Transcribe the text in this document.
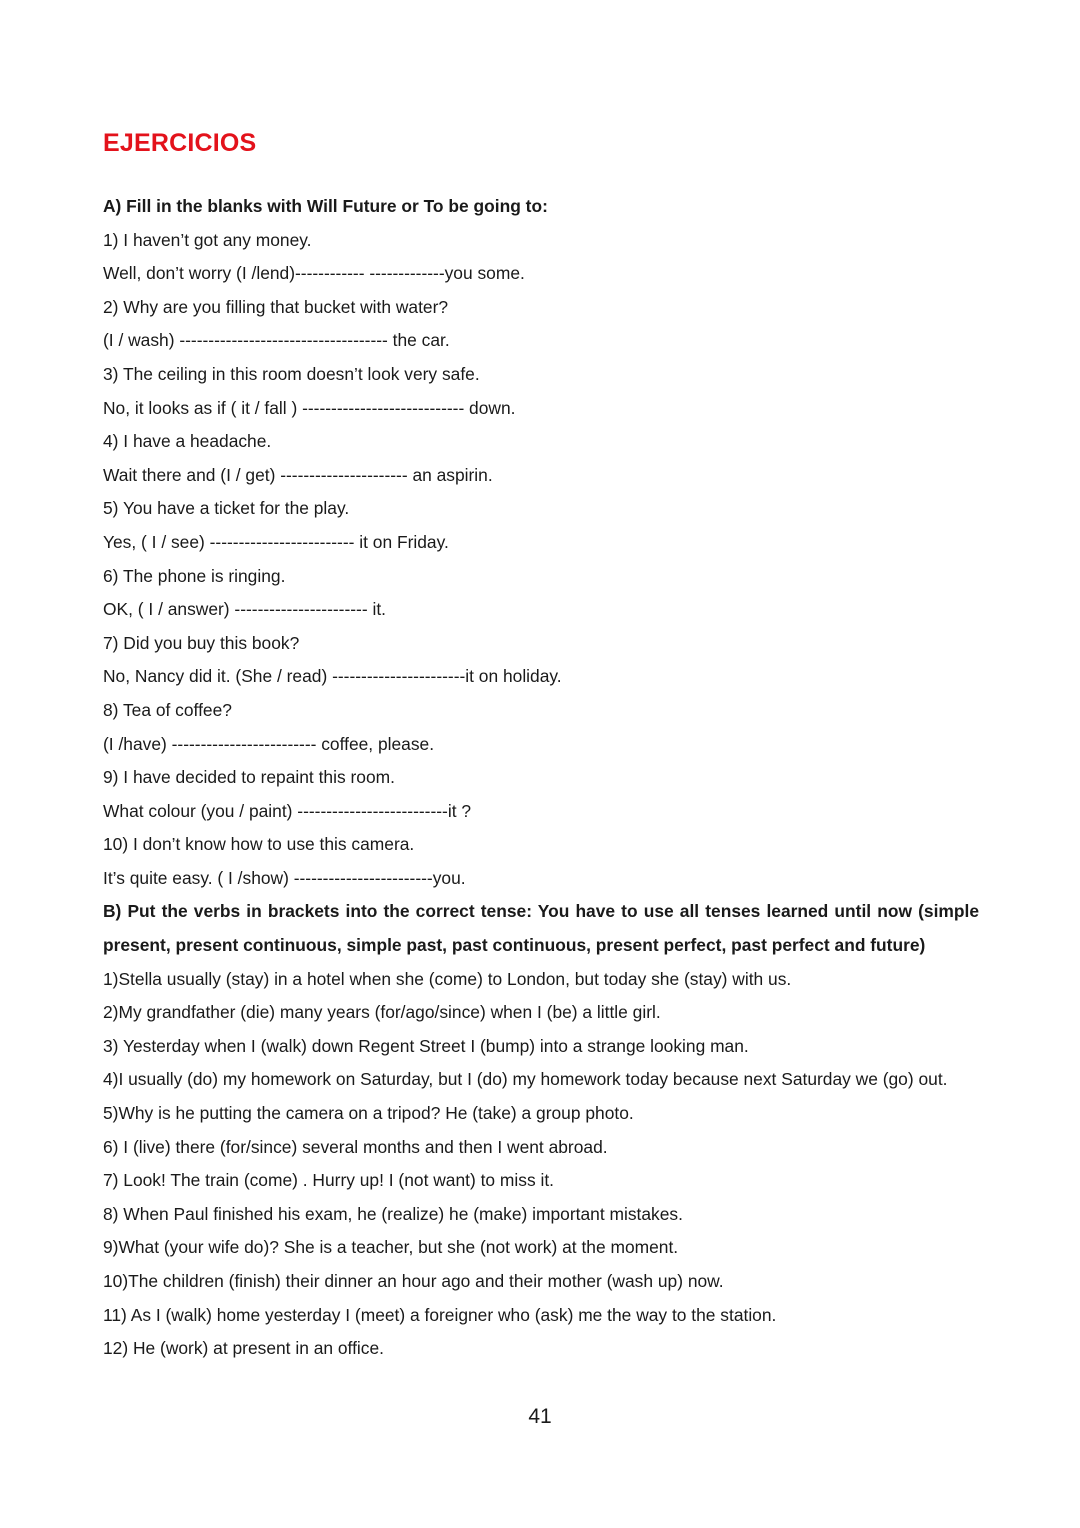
EJERCICIOS

A) Fill in the blanks with Will Future or To be going to:

1) I haven’t got any money.

Well, don’t worry (I /lend)------------ -------------you some.

2) Why are you filling that bucket with water?

(I / wash) ------------------------------------ the car.

3) The ceiling in this room doesn’t look very safe.

No, it looks as if ( it / fall ) ---------------------------- down.

4) I have a headache.

Wait there and (I / get) ---------------------- an aspirin.

5) You have a ticket for the play.

Yes, ( I / see) ------------------------- it on Friday.

6) The phone is ringing.

OK, ( I / answer) ----------------------- it.

7) Did you buy this book?

No, Nancy did it. (She / read) -----------------------it on holiday.

8) Tea of coffee?

(I /have) ------------------------- coffee, please.

9) I have decided to repaint this room.

What colour (you / paint) --------------------------it ?

10) I don’t know how to use this camera.

It’s quite easy. ( I /show) ------------------------you.

B) Put the verbs in brackets into the correct tense: You have to use all tenses learned until now (simple present, present continuous, simple past, past continuous, present perfect, past perfect and future)

1)Stella usually (stay) in a hotel when she (come) to London, but today she (stay) with us.

2)My grandfather (die) many years (for/ago/since) when I (be) a little girl.

3) Yesterday when I (walk) down Regent Street I (bump) into a strange looking man.

4)I usually (do) my homework on Saturday, but I (do) my homework today because next Saturday we (go) out.

5)Why is he putting the camera on a tripod? He (take) a group photo.

6) I (live) there (for/since) several months and then I went abroad.

7) Look! The train (come) . Hurry up! I (not want) to miss it.

8) When Paul finished his exam, he (realize) he (make) important mistakes.

9)What (your wife do)? She is a teacher, but she (not work) at the moment.

10)The children (finish) their dinner an hour ago and their mother (wash up) now.

11) As I (walk) home yesterday I (meet) a foreigner who (ask) me the way to the station.

12) He (work) at present in an office.

41
